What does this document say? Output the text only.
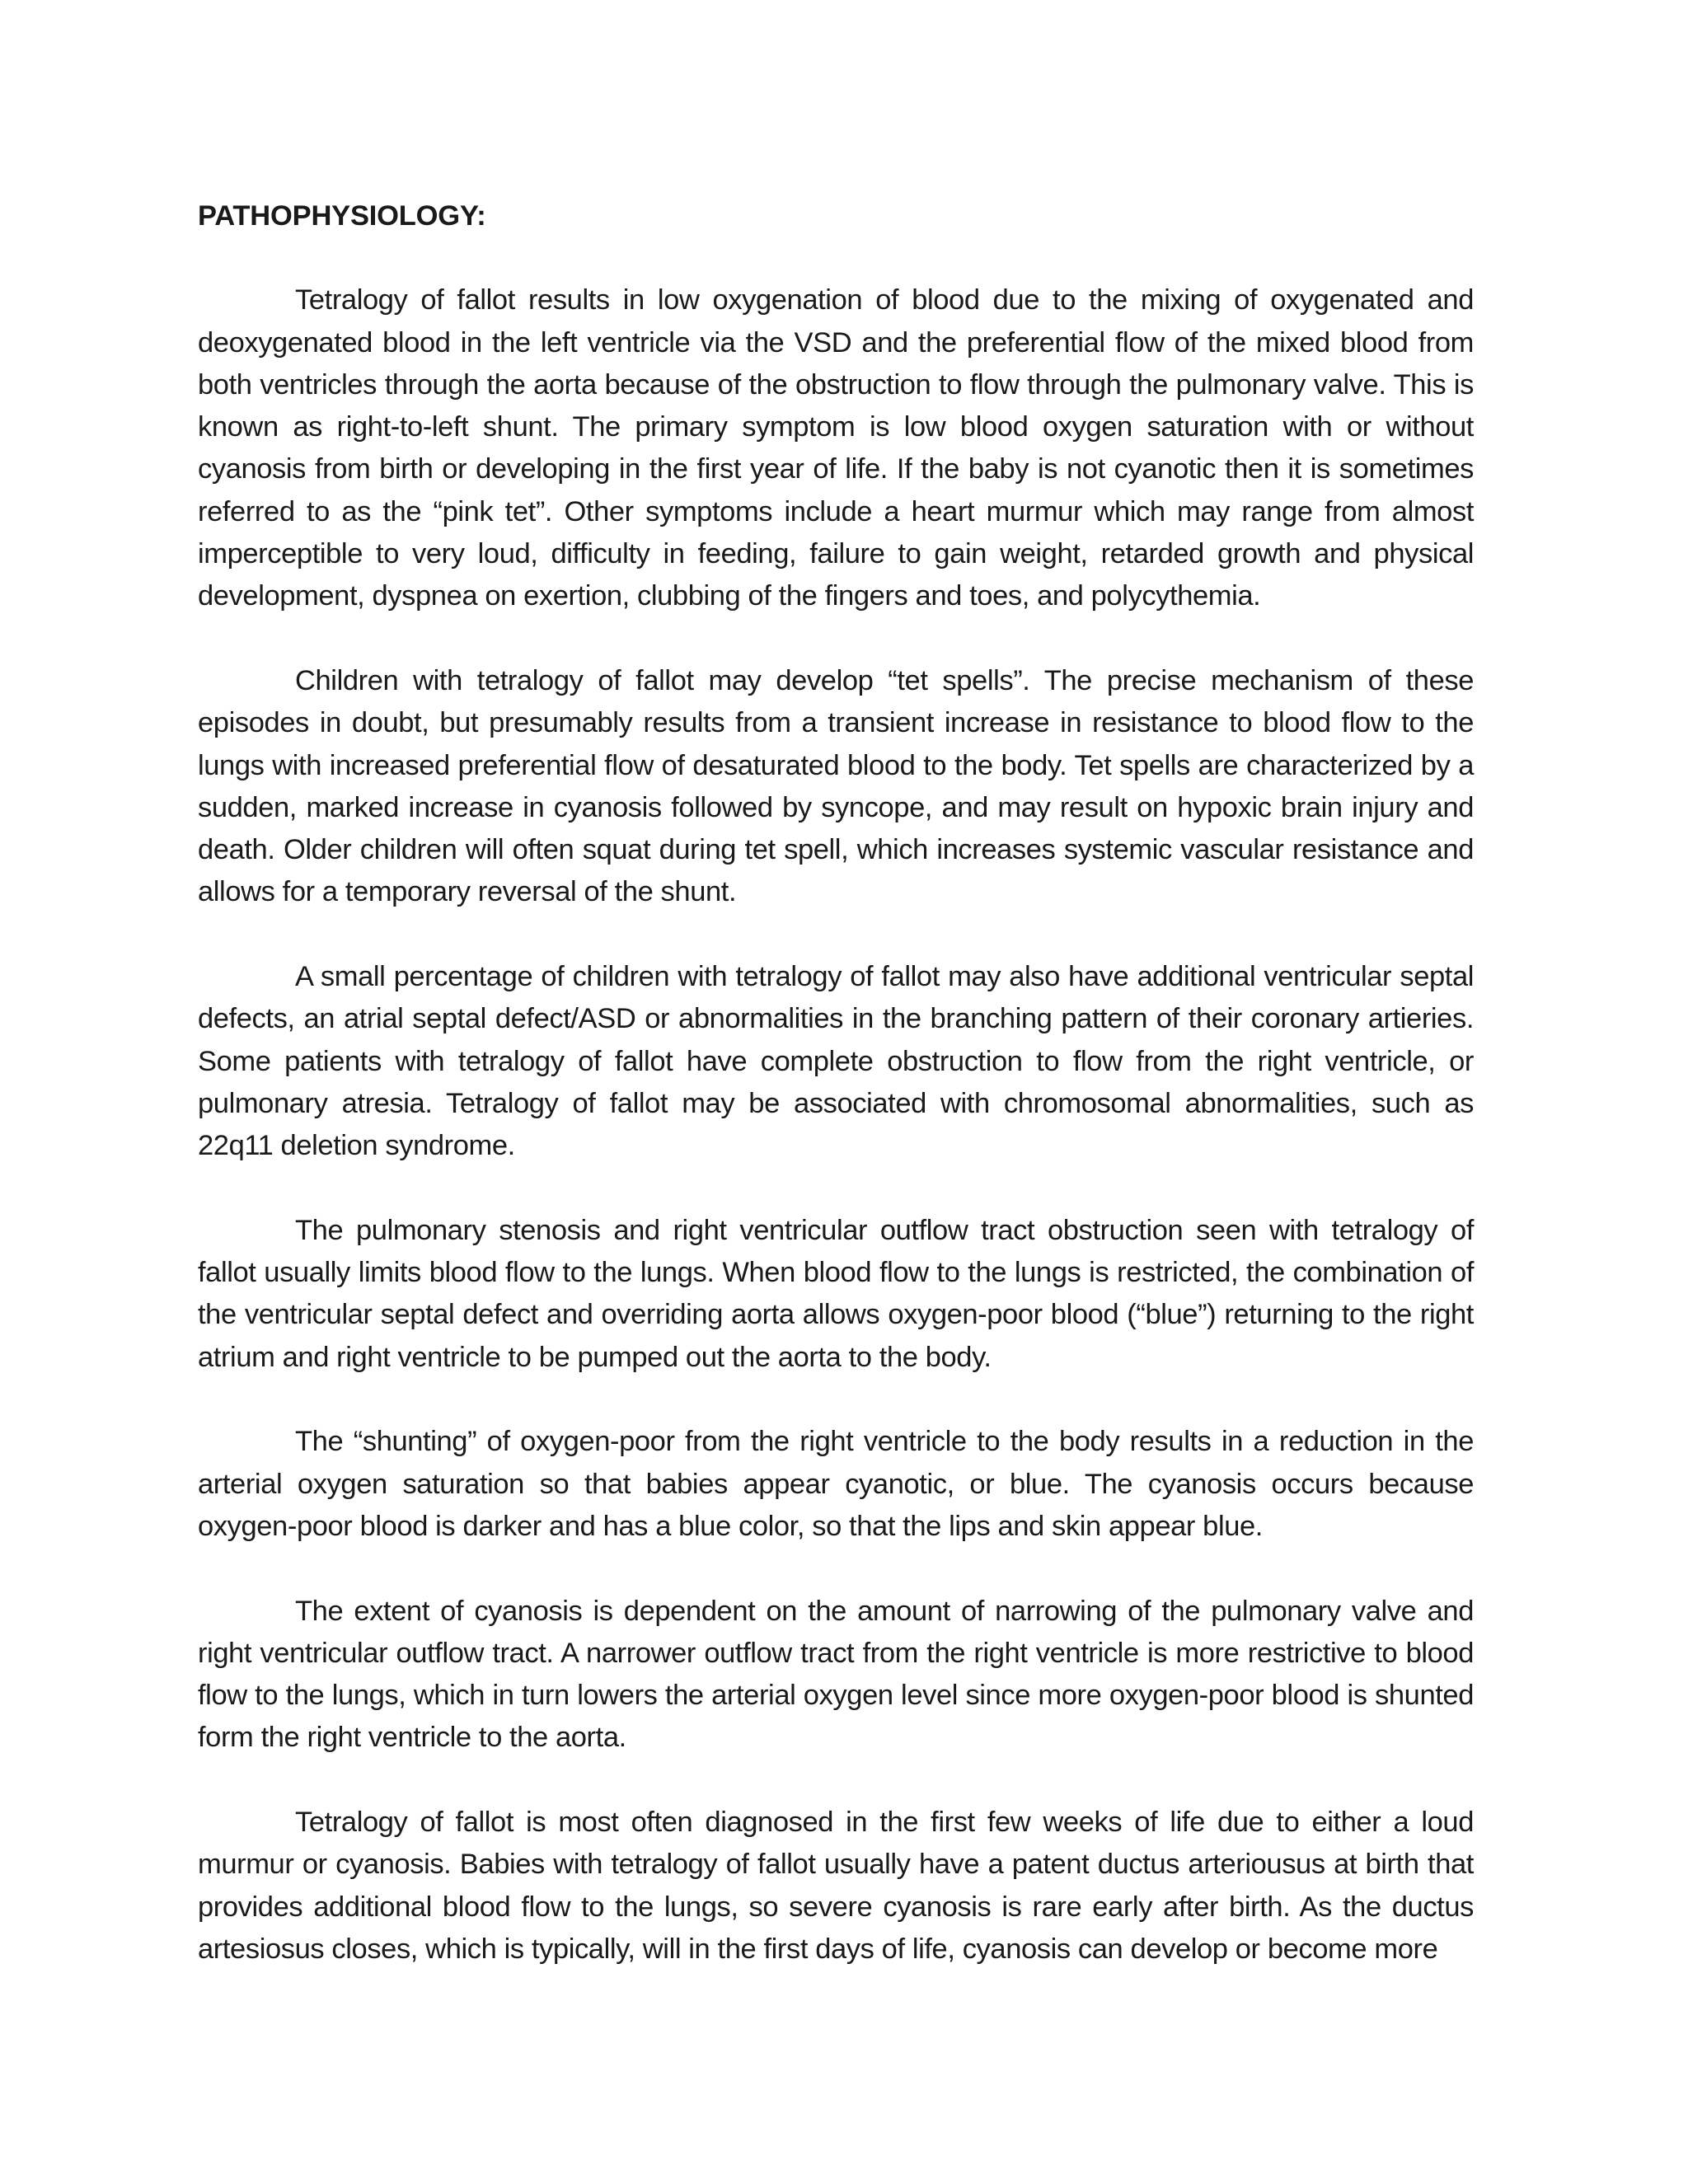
PATHOPHYSIOLOGY:

Tetralogy of fallot results in low oxygenation of blood due to the mixing of oxygenated and deoxygenated blood in the left ventricle via the VSD and the preferential flow of the mixed blood from both ventricles through the aorta because of the obstruction to flow through the pulmonary valve. This is known as right-to-left shunt. The primary symptom is low blood oxygen saturation with or without cyanosis from birth or developing in the first year of life. If the baby is not cyanotic then it is sometimes referred to as the “pink tet”. Other symptoms include a heart murmur which may range from almost imperceptible to very loud, difficulty in feeding, failure to gain weight, retarded growth and physical development, dyspnea on exertion, clubbing of the fingers and toes, and polycythemia.

Children with tetralogy of fallot may develop “tet spells”. The precise mechanism of these episodes in doubt, but presumably results from a transient increase in resistance to blood flow to the lungs with increased preferential flow of desaturated blood to the body. Tet spells are characterized by a sudden, marked increase in cyanosis followed by syncope, and may result on hypoxic brain injury and death. Older children will often squat during tet spell, which increases systemic vascular resistance and allows for a temporary reversal of the shunt.

A small percentage of children with tetralogy of fallot may also have additional ventricular septal defects, an atrial septal defect/ASD or abnormalities in the branching pattern of their coronary artieries. Some patients with tetralogy of fallot have complete obstruction to flow from the right ventricle, or pulmonary atresia. Tetralogy of fallot may be associated with chromosomal abnormalities, such as 22q11 deletion syndrome.

The pulmonary stenosis and right ventricular outflow tract obstruction seen with tetralogy of fallot usually limits blood flow to the lungs. When blood flow to the lungs is restricted, the combination of the ventricular septal defect and overriding aorta allows oxygen-poor blood (“blue”) returning to the right atrium and right ventricle to be pumped out the aorta to the body.

The “shunting” of oxygen-poor from the right ventricle to the body results in a reduction in the arterial oxygen saturation so that babies appear cyanotic, or blue. The cyanosis occurs because oxygen-poor blood is darker and has a blue color, so that the lips and skin appear blue.

The extent of cyanosis is dependent on the amount of narrowing of the pulmonary valve and right ventricular outflow tract. A narrower outflow tract from the right ventricle is more restrictive to blood flow to the lungs, which in turn lowers the arterial oxygen level since more oxygen-poor blood is shunted form the right ventricle to the aorta.

Tetralogy of fallot is most often diagnosed in the first few weeks of life due to either a loud murmur or cyanosis. Babies with tetralogy of fallot usually have a patent ductus arteriousus at birth that provides additional blood flow to the lungs, so severe cyanosis is rare early after birth. As the ductus artesiosus closes, which is typically, will in the first days of life, cyanosis can develop or become more
